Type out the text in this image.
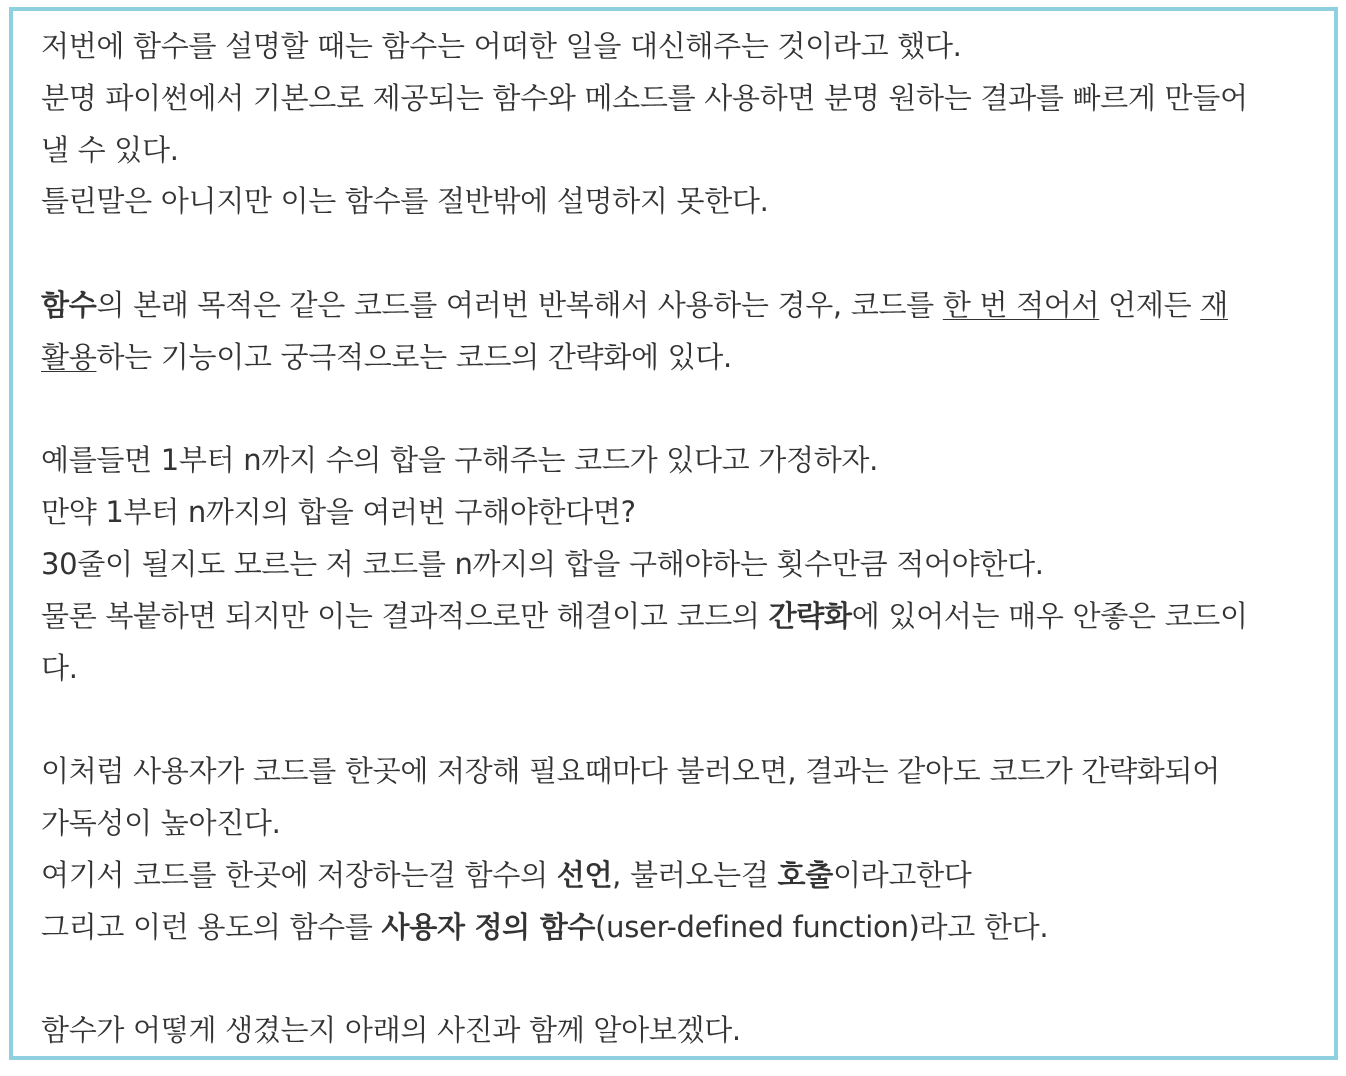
저번에 함수를 설명할 때는 함수는 어떠한 일을 대신해주는 것이라고 했다.
분명 파이썬에서 기본으로 제공되는 함수와 메소드를 사용하면 분명 원하는 결과를 빠르게 만들어
낼 수 있다.
틀린말은 아니지만 이는 함수를 절반밖에 설명하지 못한다.
함수의 본래 목적은 같은 코드를 여러번 반복해서 사용하는 경우, 코드를 한 번 적어서 언제든 재
활용하는 기능이고 궁극적으로는 코드의 간략화에 있다.
예를들면 1부터 n까지 수의 합을 구해주는 코드가 있다고 가정하자.
만약 1부터 n까지의 합을 여러번 구해야한다면?
30줄이 될지도 모르는 저 코드를 n까지의 합을 구해야하는 횟수만큼 적어야한다.
물론 복붙하면 되지만 이는 결과적으로만 해결이고 코드의 간략화에 있어서는 매우 안좋은 코드이
다.
이처럼 사용자가 코드를 한곳에 저장해 필요때마다 불러오면, 결과는 같아도 코드가 간략화되어
가독성이 높아진다.
여기서 코드를 한곳에 저장하는걸 함수의 선언, 불러오는걸 호출이라고한다
그리고 이런 용도의 함수를 사용자 정의 함수(user-defined function)라고 한다.
함수가 어떻게 생겼는지 아래의 사진과 함께 알아보겠다.
